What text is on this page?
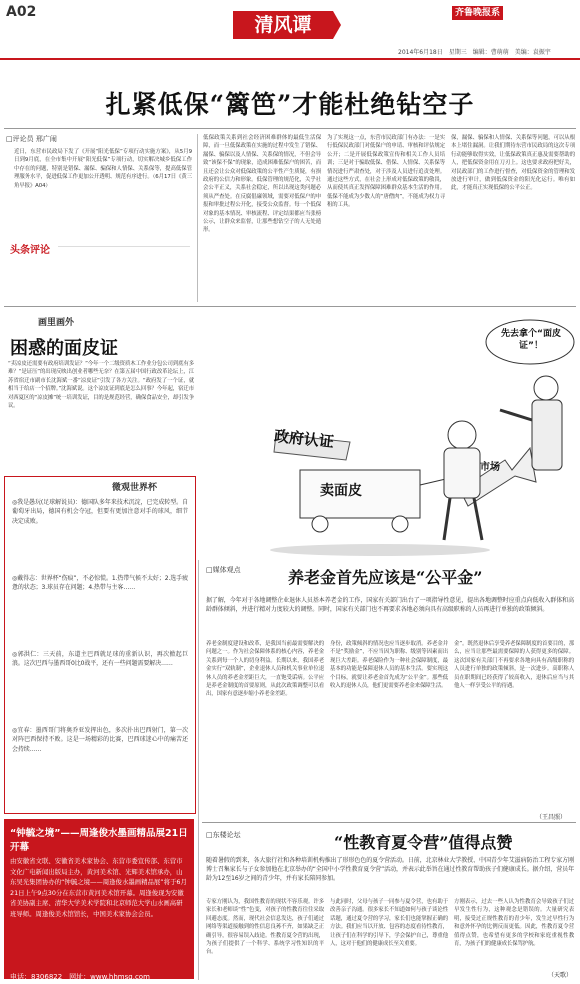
A02
清风谭
齐鲁晚报系
2014年6月18日　星期三　编辑：曹萌萌　美编：袁振宇
扎紧低保“篱笆”才能杜绝钻空子
□评论员 邢广闹
近日，东营市民政局下发了《开展“阳光低保”专项行动实施方案》，从5月9日到9月底，在全市集中开展“阳光低保”专项行动，切实解决城乡低保工作中存在的问题，特别是错保、漏保、骗保和人情保、关系保等，提高低保管理服务水平，促进低保工作更加公开透明、规范有序进行。（6月17日《黄三角早报》A04）
头条评论
低保政策关系到社会经济困难群体的最低生活保障，而一旦低保政策在实施的过程中发生了错保、漏保、骗保以及人情保、关系保的情况，不但会导致“该保不保”的现象，造成困难低保户的困苦，而且还会让公众对低保政策的公平性产生质疑，有损政府的公信力和形象。低保管理的规范化，关乎社会公平正义，关系社会稳定，所以出现这类问题必须从严查处。在反腐倡廉领域，需要对低保户的申报和审批过程公开化，接受公众监督。每一个低保对象的基本情况、审核流程、评定结果都应当张榜公示，让群众来监督，让那些想钻空子的人无处遁形。
为了实现这一点，东营市民政部门有办法：一是实行低保民政部门对低保户的申请、审核和评估规定公开；二是开展低保政策宣传和相关工作人员培训；三是对于骗取低保、借保、人情保、关系保等情况进行严肃查处，对于涉及人员进行追责处理。通过这些方式，在社会上形成对低保政策的敬畏，从而使其真正发挥保障困难群众基本生活的作用。低保不能成为少数人的“唐僧肉”，不能成为权力寻租的工具。
保，漏保、骗保和人情保、关系保等问题，可以从根本上堵住漏洞。让我们期待东营市民政局的这次专项行动能够取得实效，让低保政策真正惠及需要帮助的人，把低保资金用在刀刃上。这也要求政府把好关，对民政部门的工作进行督查，对低保资金的管理和发放进行审计，做到低保资金的阳光化运行。唯有如此，才能真正实现低保的公平公正。
画里画外
困惑的面皮证
“卖凉皮还需要有政府培训发证？”今年一个二级资质木工作业分包公司到底有多难？“是证压”的出现反映出创业者哪些无奈？在第五届中国行政改革论坛上，江苏省宿迁市副市长沈海斌一番“凉皮证”引发了各方关注。“政府发了一个证，就相当于给店一个招牌。”沈海斌说。这个凉皮证到底是怎么回事？今年起，宿迁市对西夏区的“凉皮摊”统一培训发证，目的是规范经营，确保食品安全，却引发争议。
政府认证
卖面皮
市场
先去拿个“面皮证”！
微观世界杯
◎我是愚玩(足球解说员)：德国队多年来技术沉淀，已完成转型。自葡萄牙出局，德国有机会夺冠，但要有更加注意对手的球风，细节决定成败。
◎戴得志：世界杯“伤痕”，不必惊慌。1.热带气候不太好；2.选手疲惫的状态；3.球员存在问题；4.热带与主客……
◎郭洪仁：三天前，东道主巴西就足球的重新认识，再次掀起巨浪。这次巴西与墨西哥0比0战平，还有一些问题需要解决……
◎宜春：墨西哥门将奥乔亚发挥出色，多次扑出巴西射门，第一次对阵巴西保持不败。这是一场精彩的比赛，巴西球迷心中的痛苦还会持续……
“钟毓之境”——周逢俊水墨画精品展21日开幕
由安徽省文联、安徽省美术家协会、东营市委宣传部、东营市文化广电新闻出版局主办，黄河美术馆、光辉美术馆承办，山东吴光集团协办的“钟毓之境——周逢俊水墨画精品展”将于6月21日上午9点30分在东营市黄河美术馆开幕。周逢俊现为安徽省美协副主席、清华大学美术学院和北京师范大学山水画高研班导师。周逢俊美术馆馆长，中国美术家协会会员。
电话：8306822　网址：www.hhmsg.com
□媒体观点	养老金首先应该是“公平金”
据了解，今年对于各地调整企业退休人员基本养老金的工作，国家有关部门出台了一项指导性意见，提出各地调整时应重点向低收入群体和高龄群体倾斜，并进行精对力度较大的调整。同时，国家有关部门也不再要求各地必须向具有高级职称的人员再进行单独的政策倾斜。
养老金制度建设和改革，是我国当前最需要解决的问题之一。作为社会保障体系的核心内容，养老金关系到每一个人的切身利益。长期以来，我国养老金实行“双轨制”，企业退休人员和机关事业单位退休人员的养老金差距巨大，一直饱受诟病。公平应是养老金制度的首要原则，从此次政策调整可以看出，国家有意逐步缩小养老金差距。
身份，政策倾斜的情况也应当逐步取消。养老金并不是“奖励金”，不应当因为职称、级别等因素而出现巨大差距。养老保险作为一种社会保障制度，最基本的功能是保障退休人员的基本生活。要实现这个目标，就要让养老金首先成为“公平金”。那些低收入的退休人员，他们更需要养老金来保障生活。
金”。既然退休后享受养老保障制度的首要目的，那么，应当让那些最需要保障的人获得更多的保障。这次国家有关部门不再要求各地向具有高级职称的人员进行单独的政策倾斜，是一次进步。高职称人员在职期间已经获得了较高收入，退休后应当与其他人一样享受公平的待遇。
（王昌照）
□东楼论坛	“性教育夏令营”值得点赞
随着暑假的到来，各大旅行社和各种培训机构推出了形形色色的夏令营活动。日前，北京林业大学教授、中国青少年艾滋病防治工程专家方刚博士召集家长与子女参加他在北京举办的“全国中小学性教育夏令营”活动，并表示此举旨在通过性教育帮助孩子们健康成长。据介绍，营员年龄为12至16岁之间的青少年，并有家长陪同参加。
专家方刚认为，我国性教育的现状不容乐观。许多家长和老师谈“性”色变，对孩子的性教育往往采取回避态度。然而，现代社会信息发达，孩子们通过网络等渠道接触到的性信息良莠不齐，如果缺乏正确引导，很容易误入歧途。性教育夏令营的出现，为孩子们提供了一个科学、系统学习性知识的平台。
与此同时，父母与孩子一同参与夏令营，也有助于改善亲子沟通。很多家长不知道如何与孩子谈论性话题，通过夏令营的学习，家长们也能掌握正确的方法。我们应当以开放、包容的态度看待性教育，让孩子们在科学的引导下，学会保护自己，尊重他人，这对于他们的健康成长至关重要。
方刚表示，过去一些人认为性教育会导致孩子们过早发生性行为，这种观念是错误的。大量研究表明，接受过正规性教育的青少年，发生过早性行为和意外怀孕的比例反而更低。因此，性教育夏令营值得点赞，也希望有更多的学校和家庭重视性教育，为孩子们的健康成长保驾护航。
（天歌）
